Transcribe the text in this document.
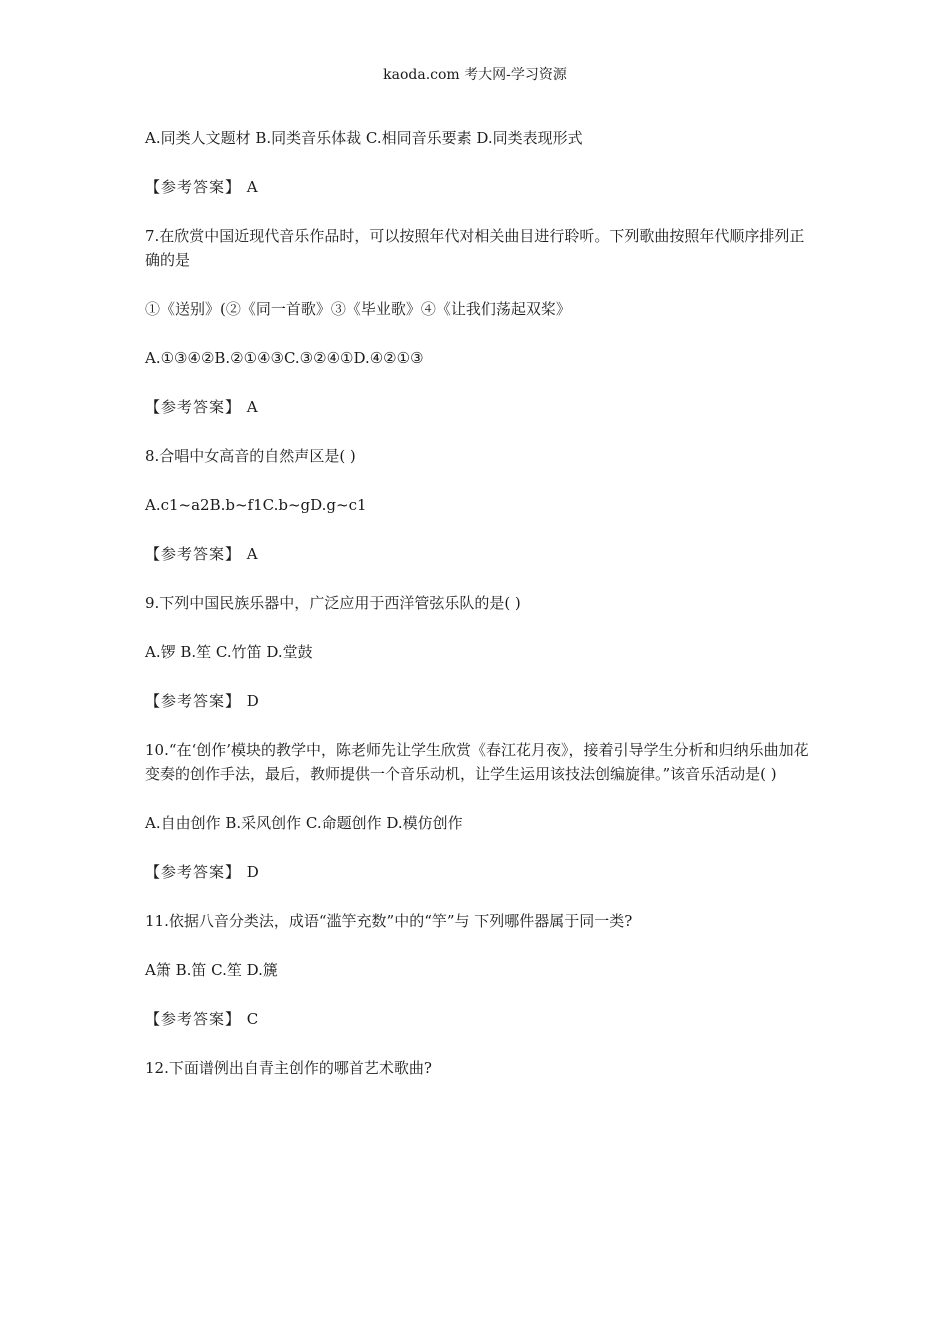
kaoda.com 考大网-学习资源
A.同类人文题材 B.同类音乐体裁 C.相同音乐要素 D.同类表现形式
【参考答案】 A
7.在欣赏中国近现代音乐作品时，可以按照年代对相关曲目进行聆听。下列歌曲按照年代顺序排列正确的是
①《送别》(②《同一首歌》③《毕业歌》④《让我们荡起双桨》
A.①③④②B.②①④③C.③②④①D.④②①③
【参考答案】 A
8.合唱中女高音的自然声区是( )
A.c1~a2B.b~f1C.b~gD.g~c1
【参考答案】 A
9.下列中国民族乐器中，广泛应用于西洋管弦乐队的是( )
A.锣 B.笙 C.竹笛 D.堂鼓
【参考答案】 D
10.“在‘创作’模块的教学中，陈老师先让学生欣赏《春江花月夜》，接着引导学生分析和归纳乐曲加花变奏的创作手法，最后，教师提供一个音乐动机，让学生运用该技法创编旋律。”该音乐活动是( )
A.自由创作 B.采风创作 C.命题创作 D.模仿创作
【参考答案】 D
11.依据八音分类法，成语“滥竽充数”中的“竽”与 下列哪件器属于同一类?
A箫 B.笛 C.笙 D.篪
【参考答案】 C
12.下面谱例出自青主创作的哪首艺术歌曲?
